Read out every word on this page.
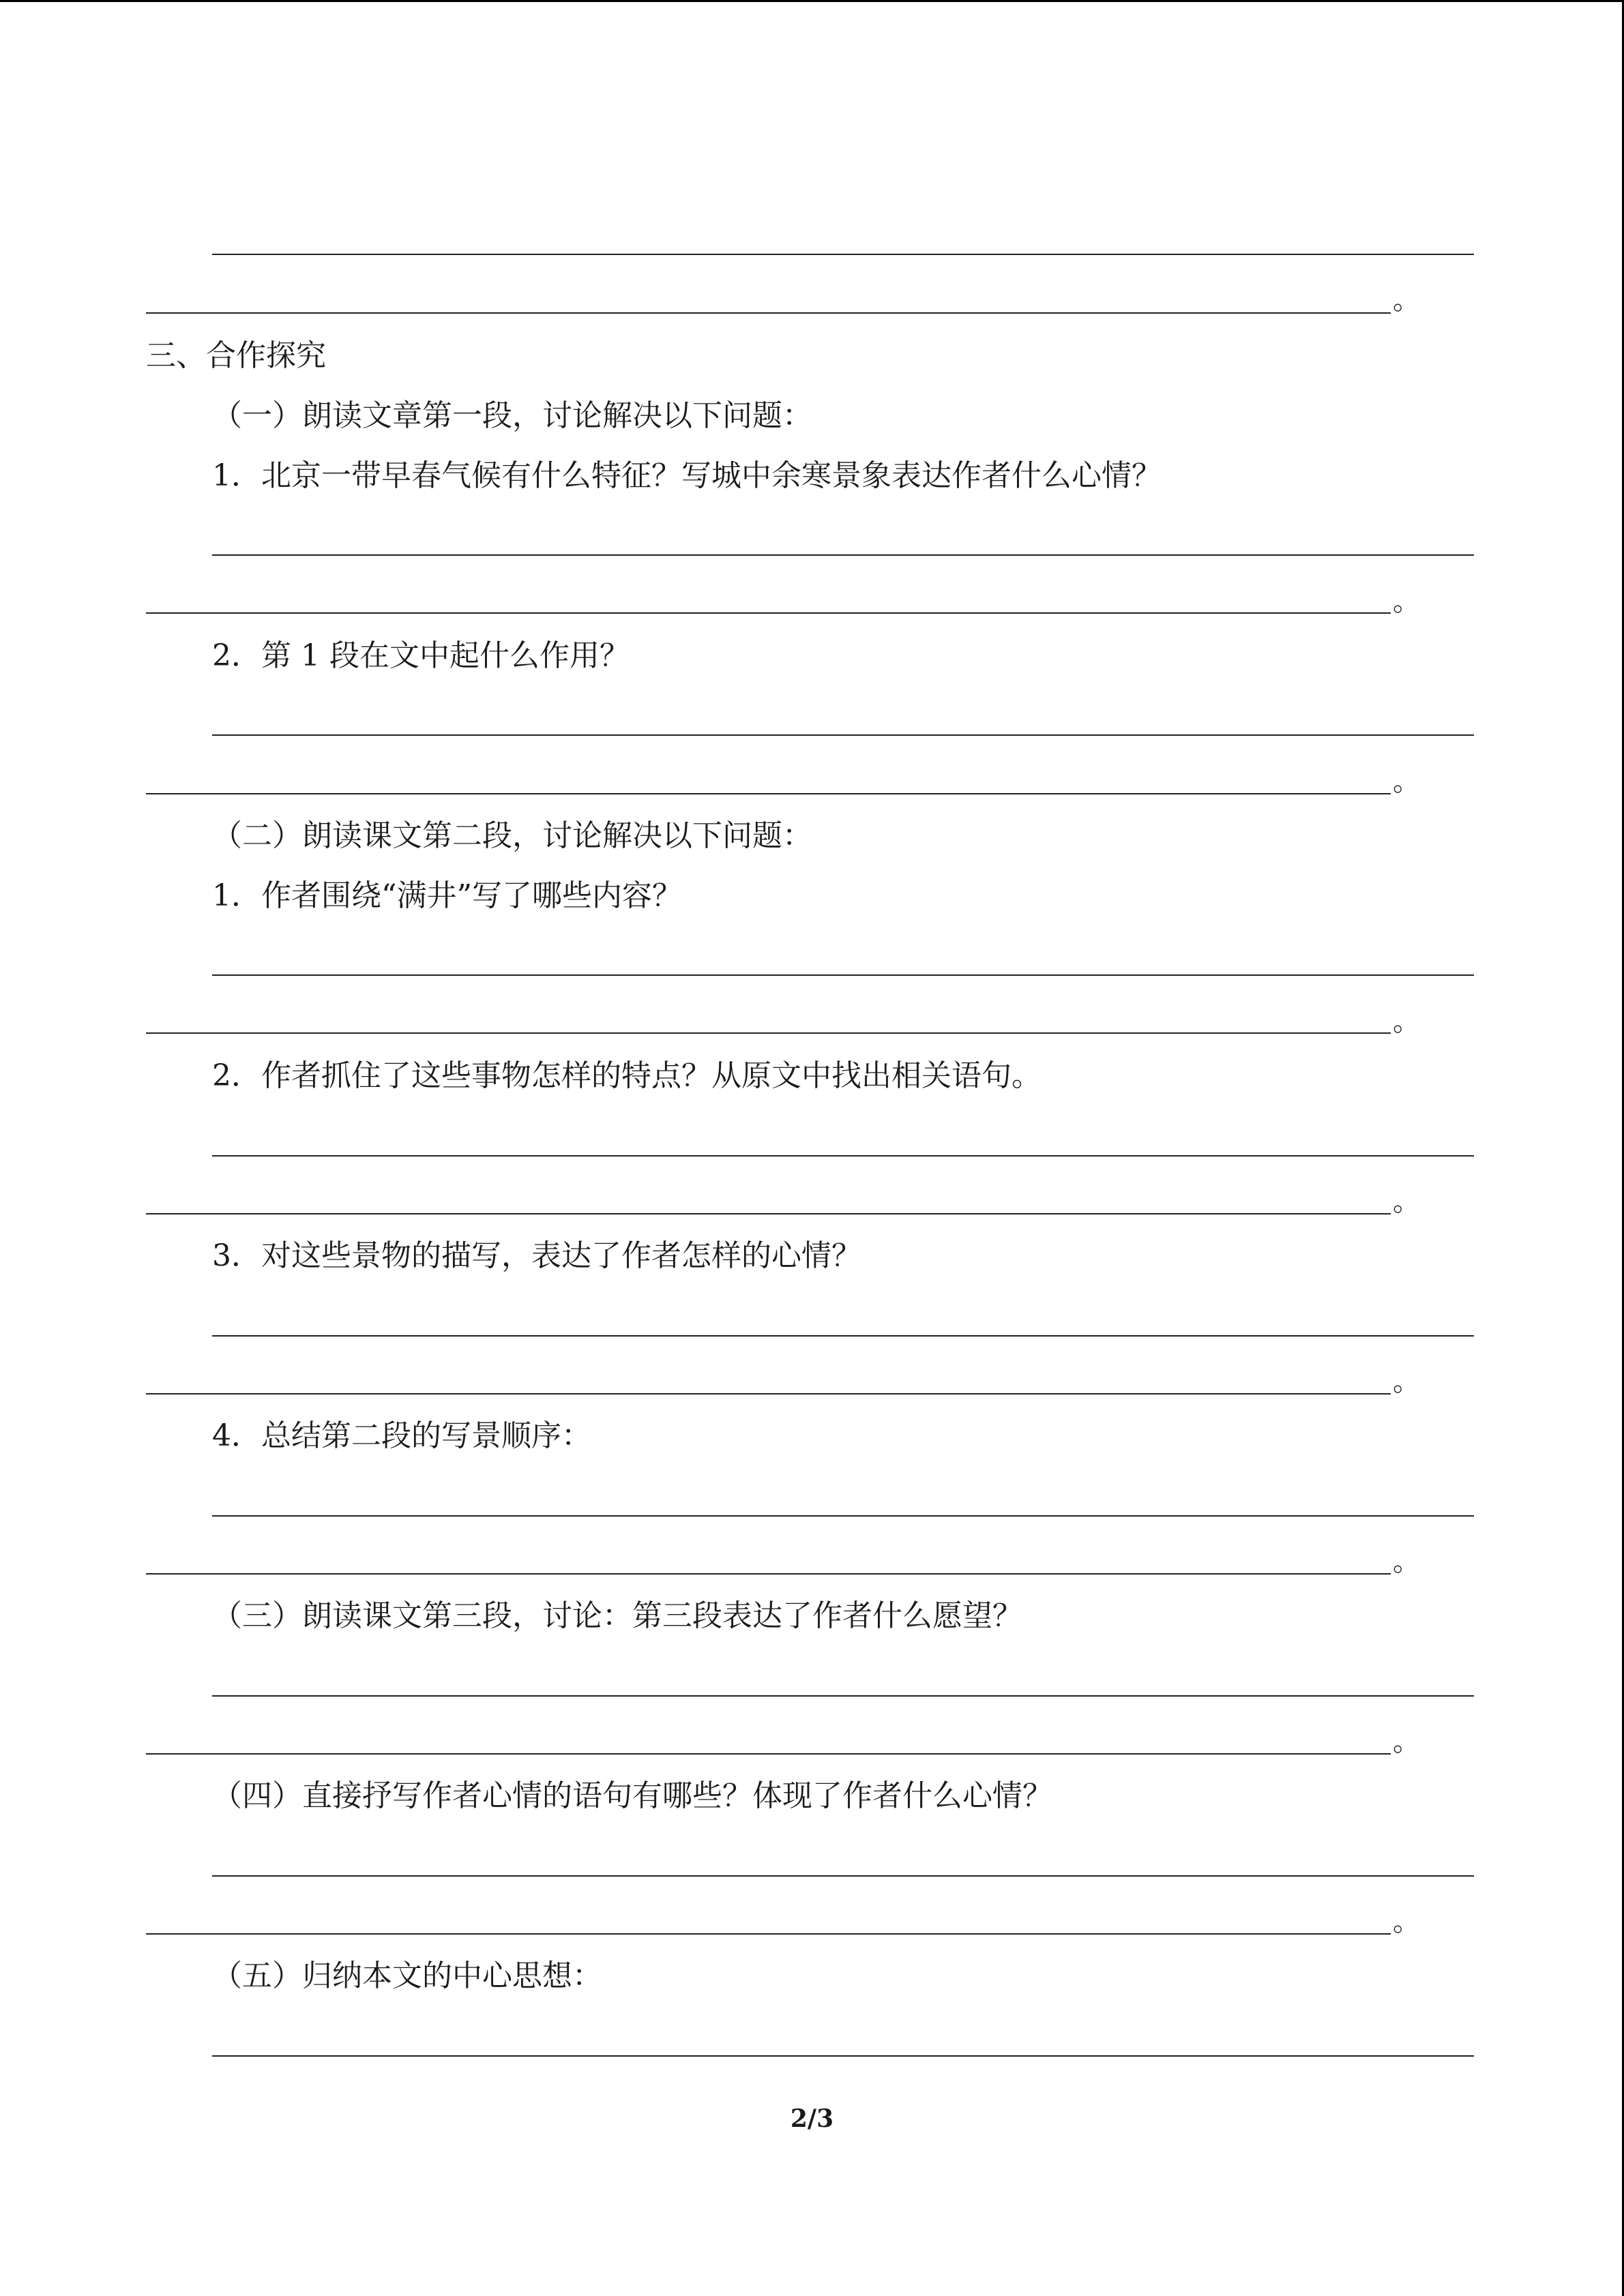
。
三、合作探究
（一）朗读文章第一段，讨论解决以下问题：
1．北京一带早春气候有什么特征？写城中余寒景象表达作者什么心情？
。
2．第 1 段在文中起什么作用？
。
（二）朗读课文第二段，讨论解决以下问题：
1．作者围绕“满井”写了哪些内容？
。
2．作者抓住了这些事物怎样的特点？从原文中找出相关语句。
。
3．对这些景物的描写，表达了作者怎样的心情？
。
4．总结第二段的写景顺序：
。
（三）朗读课文第三段，讨论：第三段表达了作者什么愿望？
。
（四）直接抒写作者心情的语句有哪些？体现了作者什么心情？
。
（五）归纳本文的中心思想：
2/3
